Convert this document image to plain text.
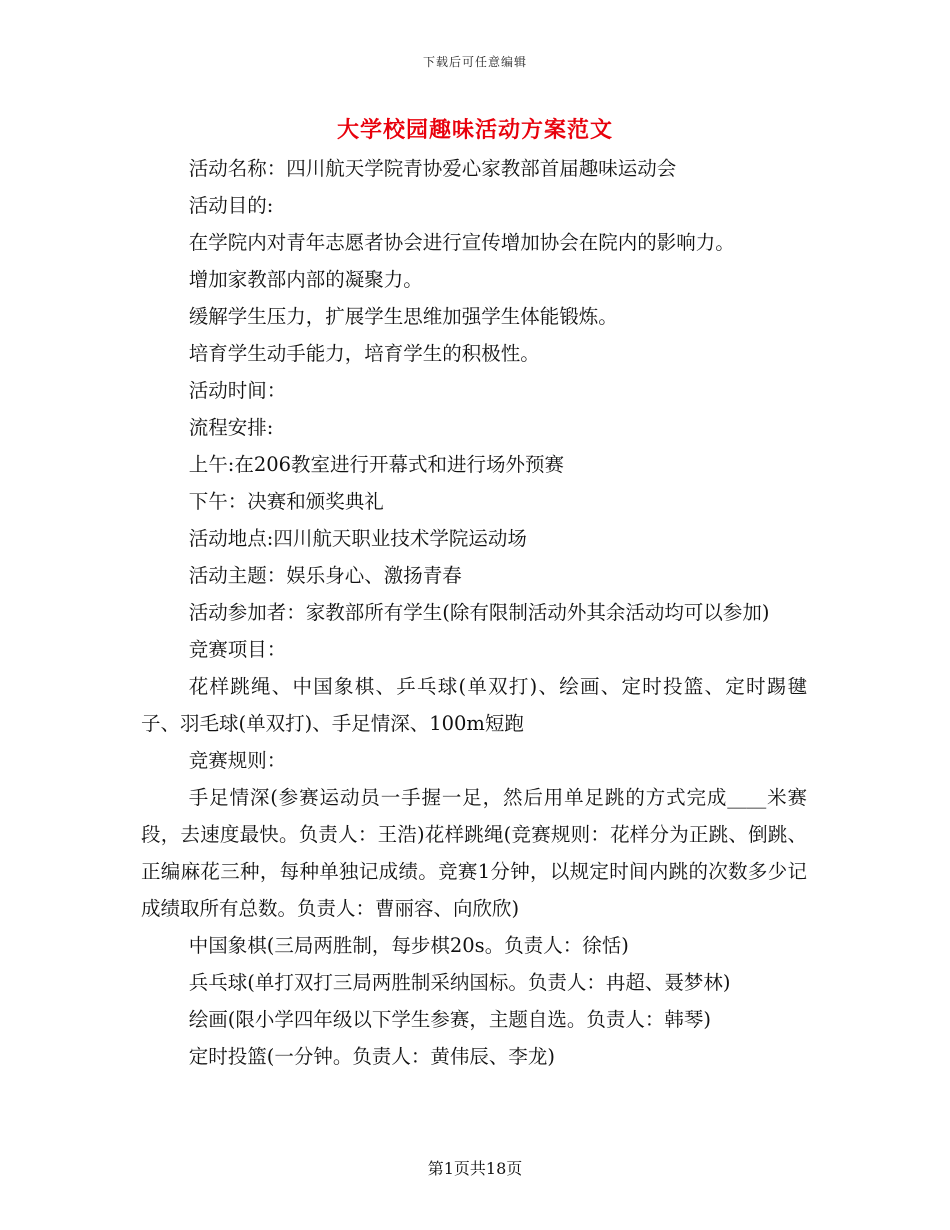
下载后可任意编辑
大学校园趣味活动方案范文

活动名称：四川航天学院青协爱心家教部首届趣味运动会

活动目的:

在学院内对青年志愿者协会进行宣传增加协会在院内的影响力。

增加家教部内部的凝聚力。

缓解学生压力，扩展学生思维加强学生体能锻炼。

培育学生动手能力，培育学生的积极性。

活动时间：

流程安排:

上午:在206教室进行开幕式和进行场外预赛

下午：决赛和颁奖典礼

活动地点:四川航天职业技术学院运动场

活动主题：娱乐身心、激扬青春

活动参加者：家教部所有学生(除有限制活动外其余活动均可以参加)

竞赛项目：

花样跳绳、中国象棋、乒乓球(单双打)、绘画、定时投篮、定时踢毽子、羽毛球(单双打)、手足情深、100m短跑

竞赛规则：

手足情深(参赛运动员一手握一足，然后用单足跳的方式完成____米赛段，去速度最快。负责人：王浩)花样跳绳(竞赛规则：花样分为正跳、倒跳、正编麻花三种，每种单独记成绩。竞赛1分钟，以规定时间内跳的次数多少记成绩取所有总数。负责人：曹丽容、向欣欣)

中国象棋(三局两胜制，每步棋20s。负责人：徐恬)

兵乓球(单打双打三局两胜制采纳国标。负责人：冉超、聂梦林)

绘画(限小学四年级以下学生参赛，主题自选。负责人：韩琴)

定时投篮(一分钟。负责人：黄伟辰、李龙)

第1页共18页
